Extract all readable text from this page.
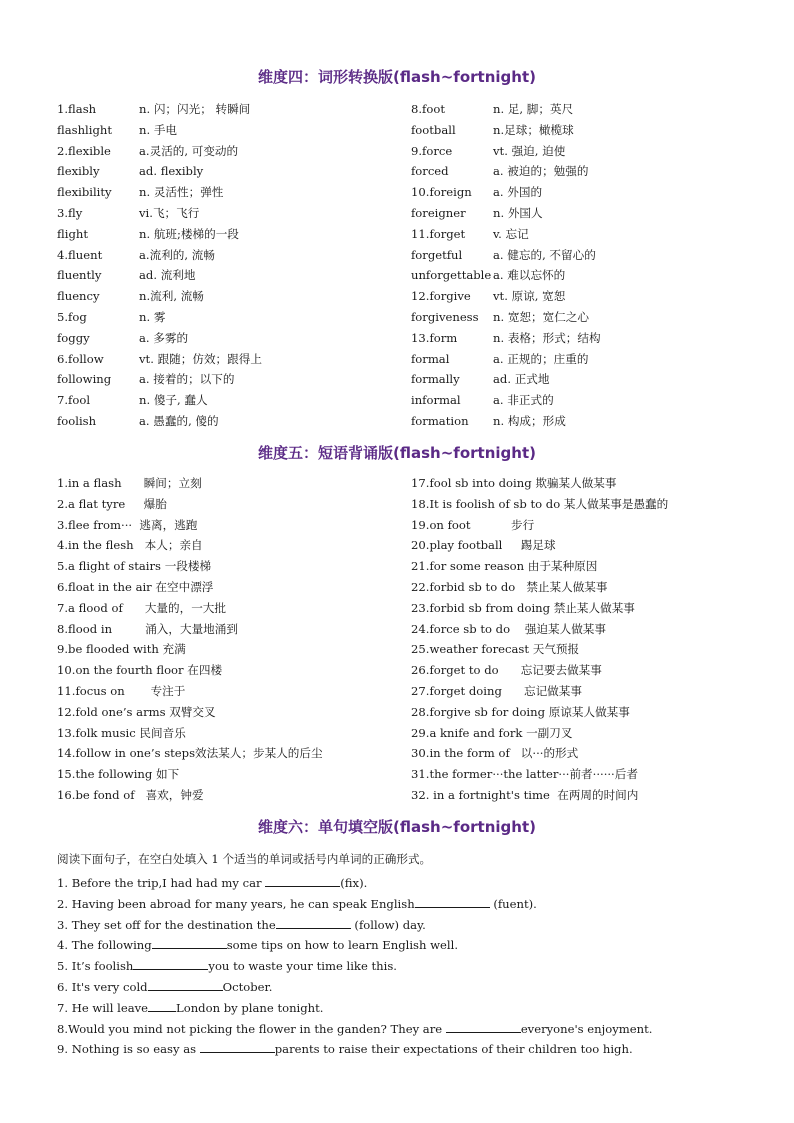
维度四：词形转换版(flash~fortnight)
1.flash	n. 闪；闪光； 转瞬间
flashlight n. 手电
2.flexible a.灵活的, 可变动的
flexibly	ad. flexibly
flexibility n. 灵活性；弹性
3.fly	vi.飞；飞行
flight	n. 航班;楼梯的一段
4.fluent	a.流利的, 流畅
fluently	ad. 流利地
fluency	n.流利, 流畅
5.fog	n. 雾
foggy	a. 多雾的
6.follow	vt. 跟随；仿效；跟得上
following a. 接着的；以下的
7.fool	n. 傻子, 蠢人
foolish	a. 愚蠢的, 傻的
8.foot	n. 足, 脚；英尺
football	n.足球；橄榄球
9.force	vt. 强迫, 迫使
forced	a. 被迫的；勉强的
10.foreign a. 外国的
foreigner n. 外国人
11.forget v. 忘记
forgetful	a. 健忘的, 不留心的
unforgettable a. 难以忘怀的
12.forgive vt. 原谅, 宽恕
forgiveness n. 宽恕；宽仁之心
13.form	n. 表格；形式；结构
formal	a. 正规的；庄重的
formally	ad. 正式地
informal	a. 非正式的
formation n. 构成；形成
维度五：短语背诵版(flash~fortnight)
1.in a flash      瞬间；立刻
2.a flat tyre     爆胎
3.flee from···  逃离，逃跑
4.in the flesh   本人；亲自
5.a flight of stairs 一段楼梯
6.float in the air 在空中漂浮
7.a flood of      大量的，一大批
8.flood in         涌入，大量地涌到
9.be flooded with 充满
10.on the fourth floor 在四楼
11.focus on       专注于
12.fold one’s arms 双臂交叉
13.folk music 民间音乐
14.follow in one’s steps效法某人；步某人的后尘
15.the following 如下
16.be fond of   喜欢，钟爱
17.fool sb into doing 欺骗某人做某事
18.It is foolish of sb to do 某人做某事是愚蠢的
19.on foot           步行
20.play football     踢足球
21.for some reason 由于某种原因
22.forbid sb to do   禁止某人做某事
23.forbid sb from doing 禁止某人做某事
24.force sb to do    强迫某人做某事
25.weather forecast 天气预报
26.forget to do      忘记要去做某事
27.forget doing      忘记做某事
28.forgive sb for doing 原谅某人做某事
29.a knife and fork 一副刀叉
30.in the form of   以···的形式
31.the former···the latter···前者······后者
32. in a fortnight's time  在两周的时间内
维度六：单句填空版(flash~fortnight)
阅读下面句子，在空白处填入 1 个适当的单词或括号内单词的正确形式。
1. Before the trip,I had had my car	(fix).
2. Having been abroad for many years, he can speak English	(fuent).
3. They set off for the destination the	(follow) day.
4. The following	some tips on how to learn English well.
5. It’s foolish	you to waste your time like this.
6. It's very cold	October.
7. He will leave London by plane tonight.
8.Would you mind not picking the flower in the ganden? They are	everyone's enjoyment.
9. Nothing is so easy as	parents to raise their expectations of their children too high.
